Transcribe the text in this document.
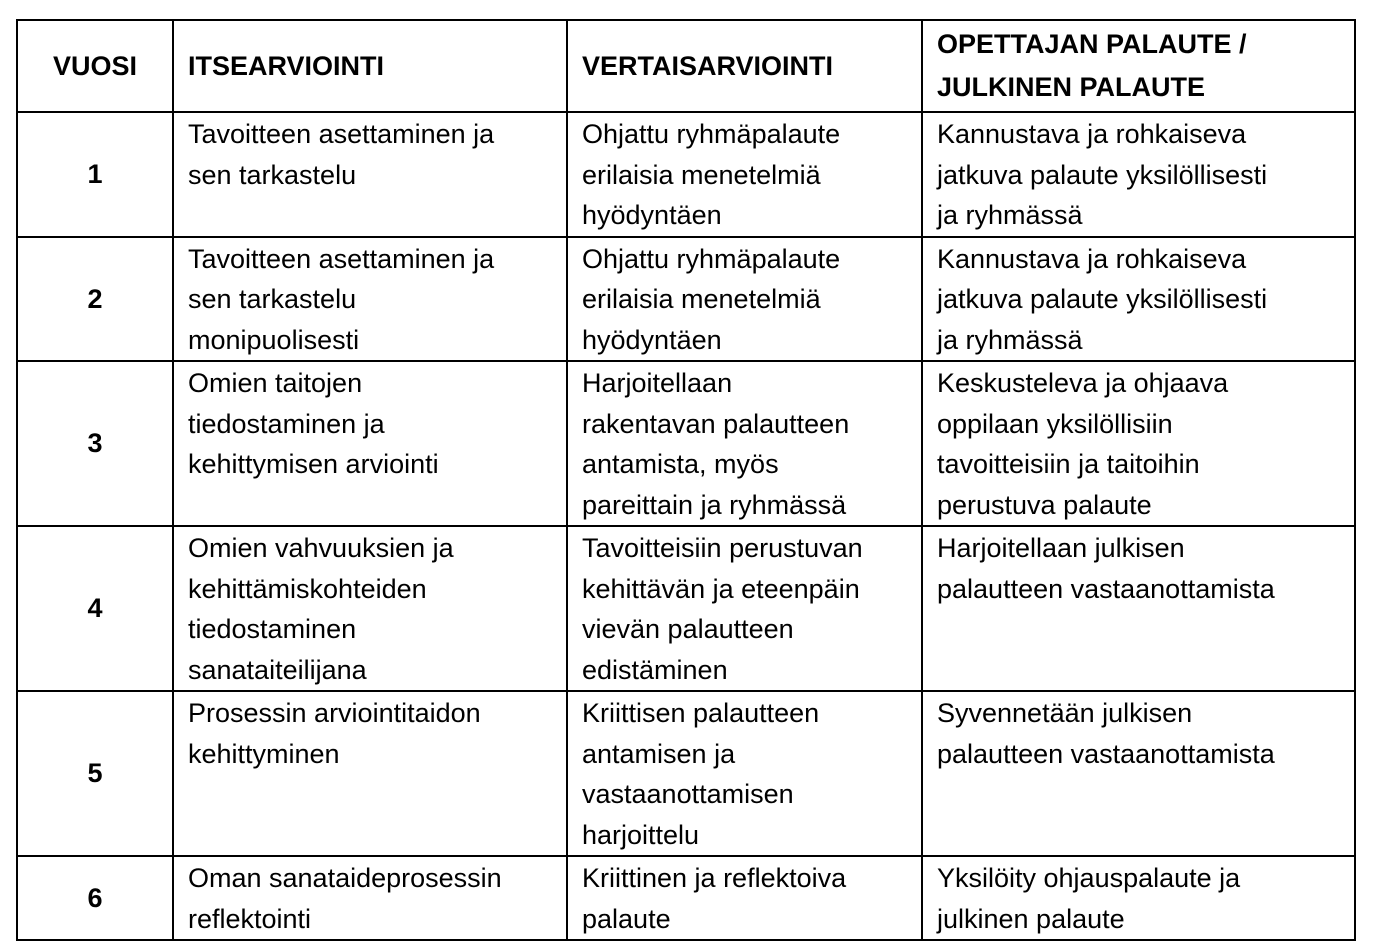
VUOSI	ITSEARVIOINTI	VERTAISARVIOINTI	OPETTAJAN PALAUTE /
JULKINEN PALAUTE

1	Tavoitteen asettaminen ja
sen tarkastelu	Ohjattu ryhmäpalaute
erilaisia menetelmiä
hyödyntäen	Kannustava ja rohkaiseva
jatkuva palaute yksilöllisesti
ja ryhmässä

2	Tavoitteen asettaminen ja
sen tarkastelu
monipuolisesti	Ohjattu ryhmäpalaute
erilaisia menetelmiä
hyödyntäen	Kannustava ja rohkaiseva
jatkuva palaute yksilöllisesti
ja ryhmässä

3	Omien taitojen
tiedostaminen ja
kehittymisen arviointi	Harjoitellaan
rakentavan palautteen
antamista, myös
pareittain ja ryhmässä	Keskusteleva ja ohjaava
oppilaan yksilöllisiin
tavoitteisiin ja taitoihin
perustuva palaute

4	Omien vahvuuksien ja
kehittämiskohteiden
tiedostaminen
sanataiteilijana	Tavoitteisiin perustuvan
kehittävän ja eteenpäin
vievän palautteen
edistäminen	Harjoitellaan julkisen
palautteen vastaanottamista

5	Prosessin arviointitaidon
kehittyminen	Kriittisen palautteen
antamisen ja
vastaanottamisen
harjoittelu	Syvennetään julkisen
palautteen vastaanottamista

6	Oman sanataideprosessin
reflektointi	Kriittinen ja reflektoiva
palaute	Yksilöity ohjauspalaute ja
julkinen palaute
